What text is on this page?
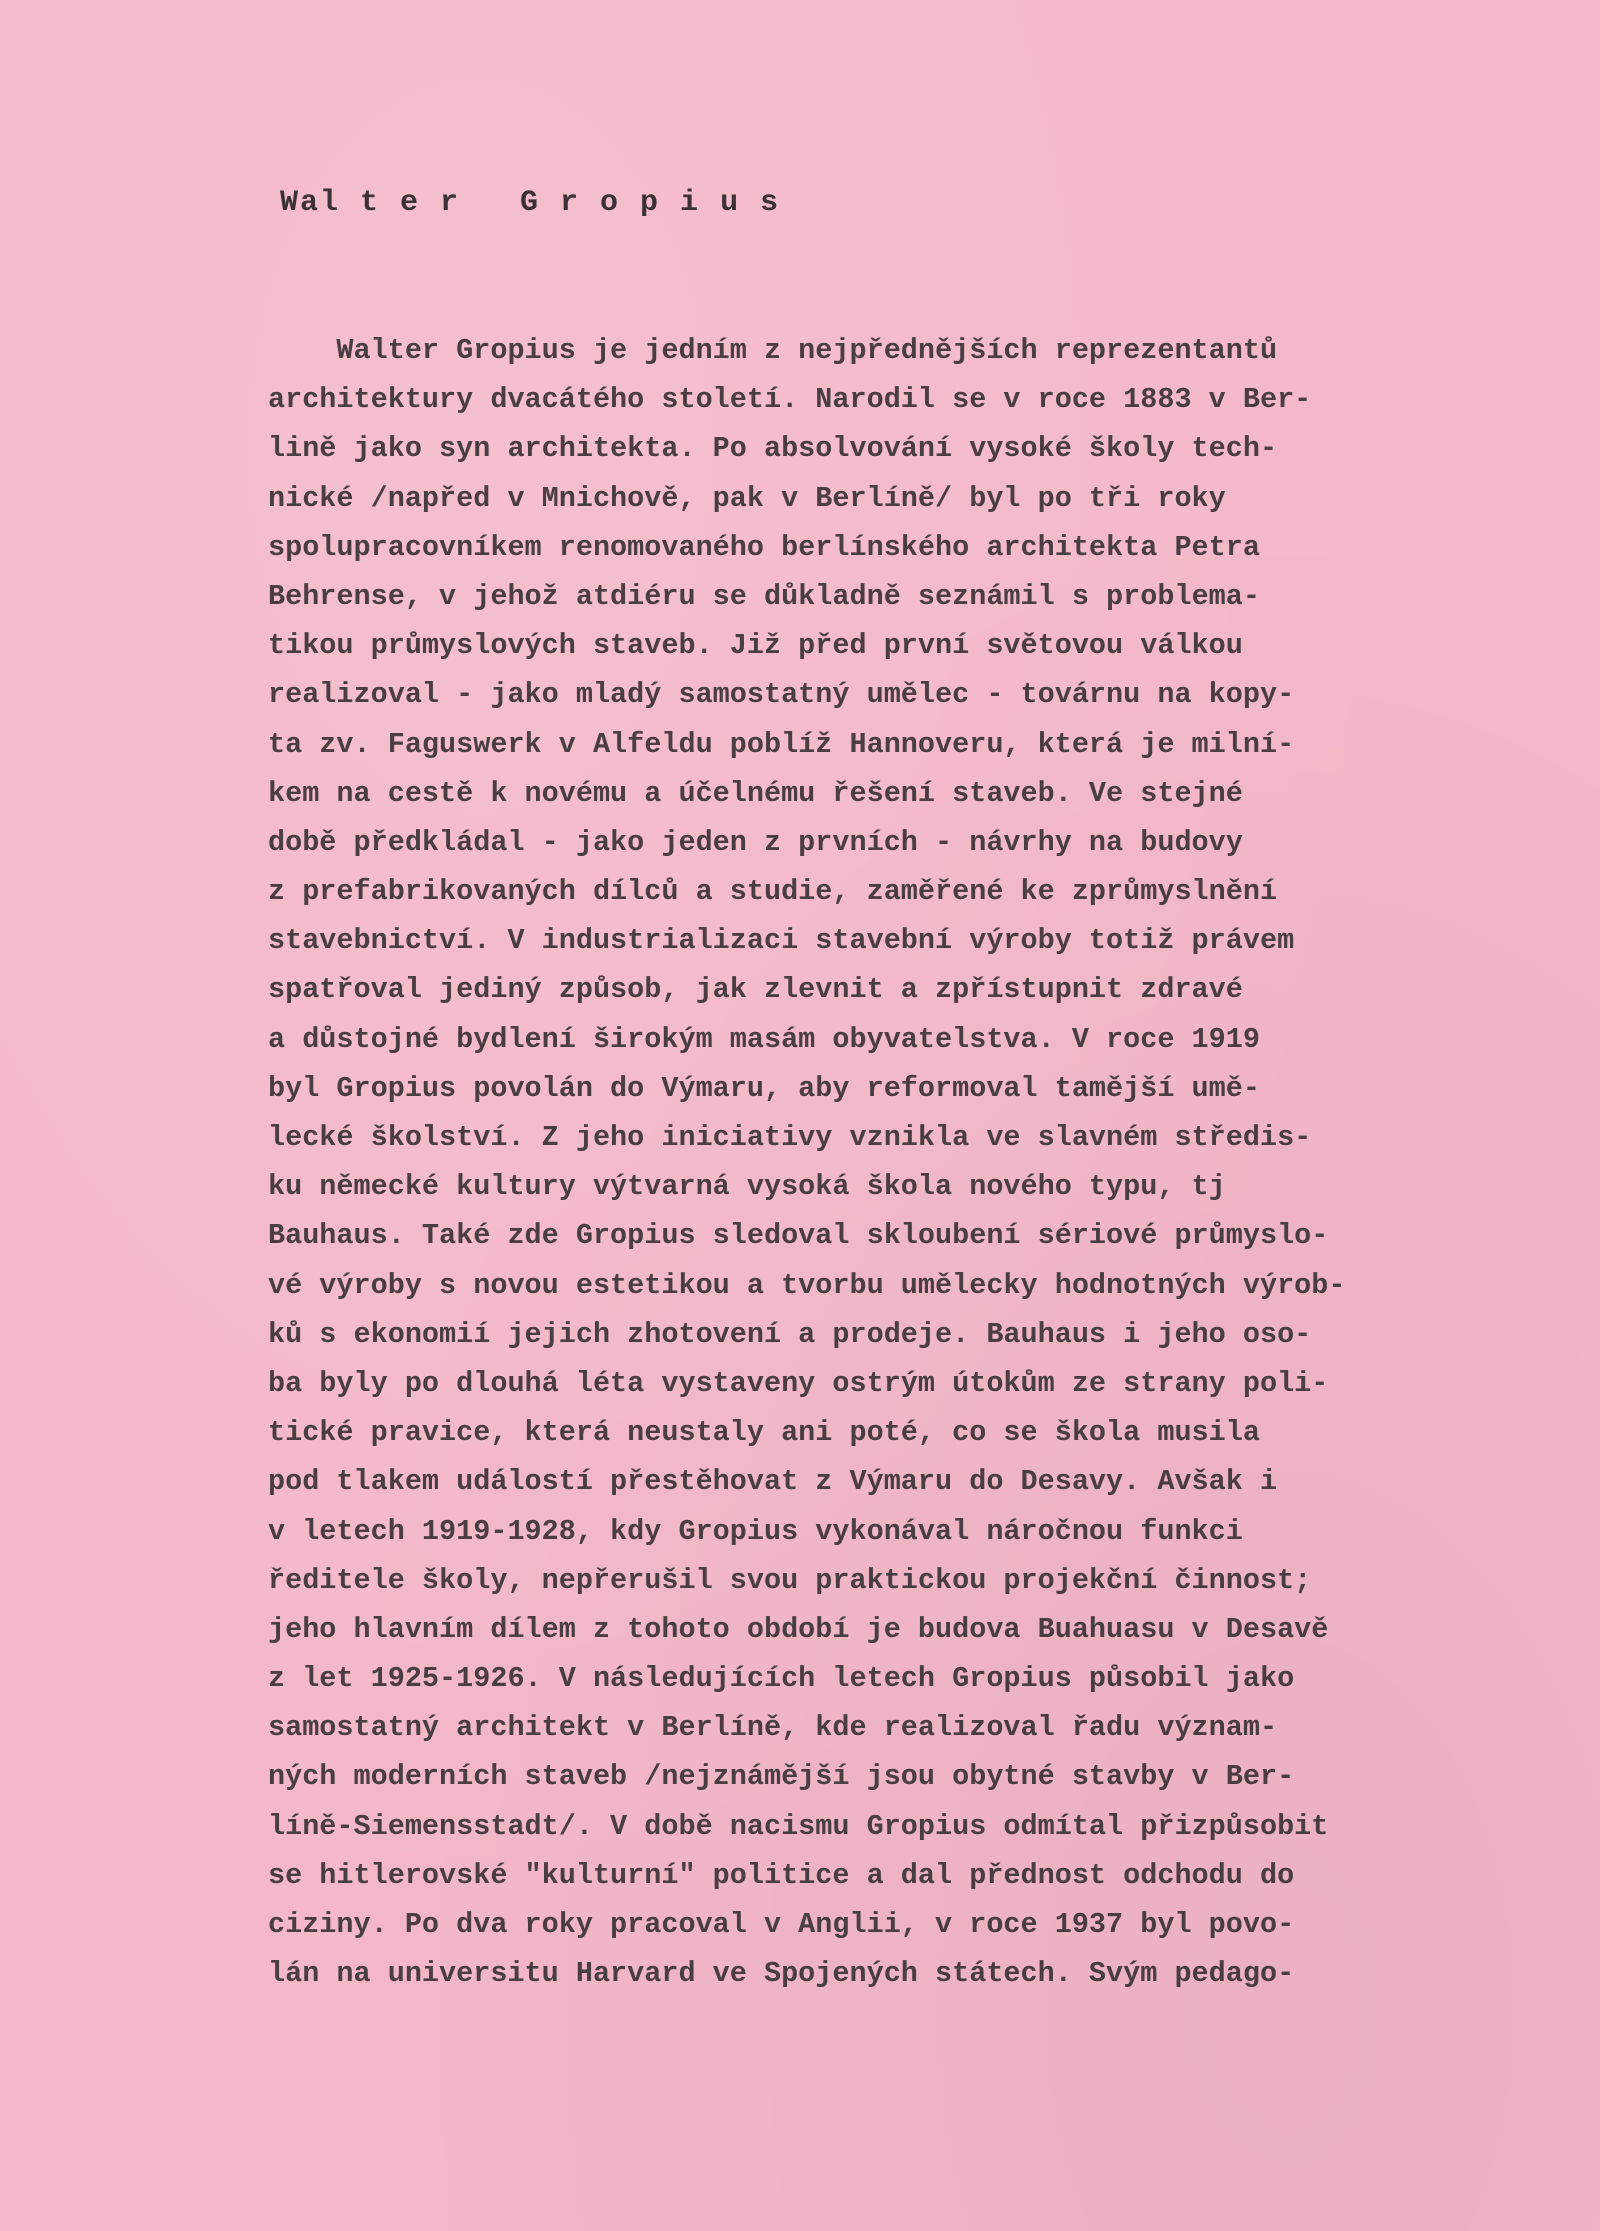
Wal t e r   G r o p i u s
Walter Gropius je jedním z nejpřednějších reprezentantů
architektury dvacátého století. Narodil se v roce 1883 v Ber-
lině jako syn architekta. Po absolvování vysoké školy tech-
nické /napřed v Mnichově, pak v Berlíně/ byl po tři roky
spolupracovníkem renomovaného berlínského architekta Petra
Behrense, v jehož atdiéru se důkladně seznámil s problema-
tikou průmyslových staveb. Již před první světovou válkou
realizoval - jako mladý samostatný umělec - továrnu na kopy-
ta zv. Faguswerk v Alfeldu poblíž Hannoveru, která je milní-
kem na cestě k novému a účelnému řešení staveb. Ve stejné
době předkládal - jako jeden z prvních - návrhy na budovy
z prefabrikovaných dílců a studie, zaměřené ke zprůmyslnění
stavebnictví. V industrializaci stavební výroby totiž právem
spatřoval jediný způsob, jak zlevnit a zpřístupnit zdravé
a důstojné bydlení širokým masám obyvatelstva. V roce 1919
byl Gropius povolán do Výmaru, aby reformoval tamější umě-
lecké školství. Z jeho iniciativy vznikla ve slavném středis-
ku německé kultury výtvarná vysoká škola nového typu, tj
Bauhaus. Také zde Gropius sledoval skloubení sériové průmyslo-
vé výroby s novou estetikou a tvorbu umělecky hodnotných výrob-
ků s ekonomií jejich zhotovení a prodeje. Bauhaus i jeho oso-
ba byly po dlouhá léta vystaveny ostrým útokům ze strany poli-
tické pravice, která neustaly ani poté, co se škola musila
pod tlakem událostí přestěhovat z Výmaru do Desavy. Avšak i
v letech 1919-1928, kdy Gropius vykonával náročnou funkci
ředitele školy, nepřerušil svou praktickou projekční činnost;
jeho hlavním dílem z tohoto období je budova Buahuasu v Desavě
z let 1925-1926. V následujících letech Gropius působil jako
samostatný architekt v Berlíně, kde realizoval řadu význam-
ných moderních staveb /nejznámější jsou obytné stavby v Ber-
líně-Siemensstadt/. V době nacismu Gropius odmítal přizpůsobit
se hitlerovské "kulturní" politice a dal přednost odchodu do
ciziny. Po dva roky pracoval v Anglii, v roce 1937 byl povo-
lán na universitu Harvard ve Spojených státech. Svým pedago-
